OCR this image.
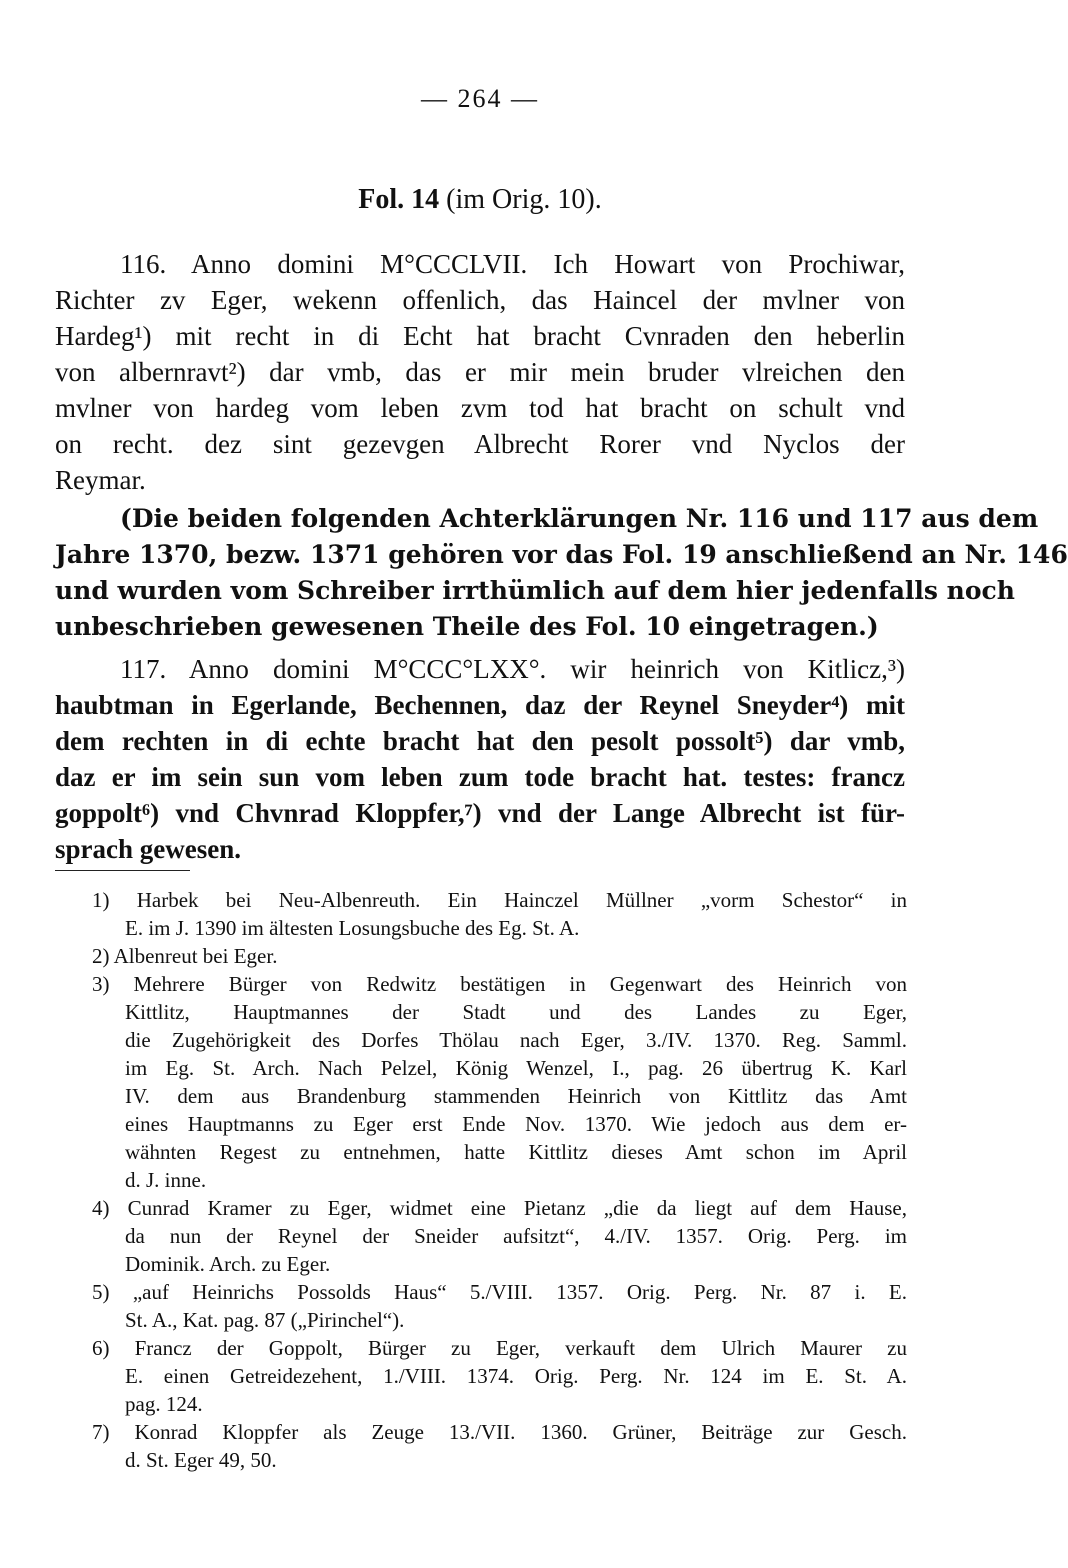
— 264 —
Fol. 14 (im Orig. 10).
116. Anno domini M°CCCLVII. Ich Howart von Prochiwar,
Richter zv Eger, wekenn offenlich, das Haincel der mvlner von
Hardeg¹) mit recht in di Echt hat bracht Cvnraden den heberlin
von albernravt²) dar vmb, das er mir mein bruder vlreichen den
mvlner von hardeg vom leben zvm tod hat bracht on schult vnd
on recht. dez sint gezevgen Albrecht Rorer vnd Nyclos der
Reymar.
(Die beiden folgenden Achterklärungen Nr. 116 und 117 aus dem
Jahre 1370, bezw. 1371 gehören vor das Fol. 19 anschließend an Nr. 146
und wurden vom Schreiber irrthümlich auf dem hier jedenfalls noch
unbeschrieben gewesenen Theile des Fol. 10 eingetragen.)
117. Anno domini M°CCC°LXX°. wir heinrich von Kitlicz,³)
haubtman in Egerlande, Bechennen, daz der Reynel Sneyder⁴) mit
dem rechten in di echte bracht hat den pesolt possolt⁵) dar vmb,
daz er im sein sun vom leben zum tode bracht hat. testes: francz
goppolt⁶) vnd Chvnrad Kloppfer,⁷) vnd der Lange Albrecht ist für-
sprach gewesen.
1) Harbek bei Neu-Albenreuth. Ein Hainczel Müllner „vorm Schestor“ in
E. im J. 1390 im ältesten Losungsbuche des Eg. St. A.
2) Albenreut bei Eger.
3) Mehrere Bürger von Redwitz bestätigen in Gegenwart des Heinrich von
Kittlitz, Hauptmannes der Stadt und des Landes zu Eger,
die Zugehörigkeit des Dorfes Thölau nach Eger, 3./IV. 1370. Reg. Samml.
im Eg. St. Arch. Nach Pelzel, König Wenzel, I., pag. 26 übertrug K. Karl
IV. dem aus Brandenburg stammenden Heinrich von Kittlitz das Amt
eines Hauptmanns zu Eger erst Ende Nov. 1370. Wie jedoch aus dem er-
wähnten Regest zu entnehmen, hatte Kittlitz dieses Amt schon im April
d. J. inne.
4) Cunrad Kramer zu Eger, widmet eine Pietanz „die da liegt auf dem Hause,
da nun der Reynel der Sneider aufsitzt“, 4./IV. 1357. Orig. Perg. im
Dominik. Arch. zu Eger.
5) „auf Heinrichs Possolds Haus“ 5./VIII. 1357. Orig. Perg. Nr. 87 i. E.
St. A., Kat. pag. 87 („Pirinchel“).
6) Francz der Goppolt, Bürger zu Eger, verkauft dem Ulrich Maurer zu
E. einen Getreidezehent, 1./VIII. 1374. Orig. Perg. Nr. 124 im E. St. A.
pag. 124.
7) Konrad Kloppfer als Zeuge 13./VII. 1360. Grüner, Beiträge zur Gesch.
d. St. Eger 49, 50.
